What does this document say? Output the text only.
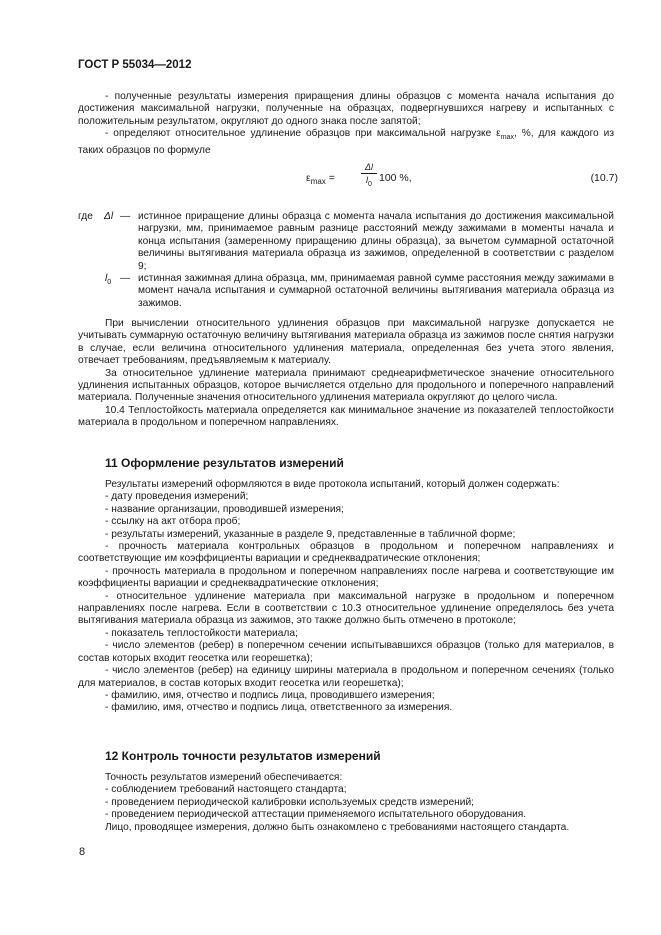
ГОСТ Р 55034—2012

- полученные результаты измерения приращения длины образцов с момента начала испытания до достижения максимальной нагрузки, полученные на образцах, подвергнувшихся нагреву и испытанных с положительным результатом, округляют до одного знака после запятой;

- определяют относительное удлинение образцов при максимальной нагрузке $\varepsilon_{max}$, %, для каждого из таких образцов по формуле

$\varepsilon_{max}$ =	$\frac{\Delta l}{l_0} 100$ %,	(10.7)
где Δl — истинное приращение длины образца с момента начала испытания до достижения максимальной нагрузки, мм, принимаемое равным разнице расстояний между зажимами в моменты начала и конца испытания (замеренному приращению длины образца), за вычетом суммарной остаточной величины вытягивания материала образца из зажимов, определенной в соответствии с разделом 9;
$l_0$ — истинная зажимная длина образца, мм, принимаемая равной сумме расстояния между зажимами в момент начала испытания и суммарной остаточной величины вытягивания материала образца из зажимов.

При вычислении относительного удлинения образцов при максимальной нагрузке допускается не учитывать суммарную остаточную величину вытягивания материала образца из зажимов после снятия нагрузки в случае, если величина относительного удлинения материала, определенная без учета этого явления, отвечает требованиям, предъявляемым к материалу.

За относительное удлинение материала принимают среднеарифметическое значение относительного удлинения испытанных образцов, которое вычисляется отдельно для продольного и поперечного направлений материала. Полученные значения относительного удлинения материала округляют до целого числа.

10.4 Теплостойкость материала определяется как минимальное значение из показателей теплостойкости материала в продольном и поперечном направлениях.

11 Оформление результатов измерений

Результаты измерений оформляются в виде протокола испытаний, который должен содержать:

- дату проведения измерений;

- название организации, проводившей измерения;

- ссылку на акт отбора проб;

- результаты измерений, указанные в разделе 9, представленные в табличной форме;

- прочность материала контрольных образцов в продольном и поперечном направлениях и соответствующие им коэффициенты вариации и среднеквадратические отклонения;

- прочность материала в продольном и поперечном направлениях после нагрева и соответствующие им коэффициенты вариации и среднеквадратические отклонения;

- относительное удлинение материала при максимальной нагрузке в продольном и поперечном направлениях после нагрева. Если в соответствии с 10.3 относительное удлинение определялось без учета вытягивания материала образца из зажимов, это также должно быть отмечено в протоколе;

- показатель теплостойкости материала;

- число элементов (ребер) в поперечном сечении испытывавшихся образцов (только для материалов, в состав которых входит геосетка или георешетка);

- число элементов (ребер) на единицу ширины материала в продольном и поперечном сечениях (только для материалов, в состав которых входит геосетка или георешетка);

- фамилию, имя, отчество и подпись лица, проводившего измерения;

- фамилию, имя, отчество и подпись лица, ответственного за измерения.

12 Контроль точности результатов измерений

Точность результатов измерений обеспечивается:

- соблюдением требований настоящего стандарта;

- проведением периодической калибровки используемых средств измерений;

- проведением периодической аттестации применяемого испытательного оборудования.

Лицо, проводящее измерения, должно быть ознакомлено с требованиями настоящего стандарта.

8
